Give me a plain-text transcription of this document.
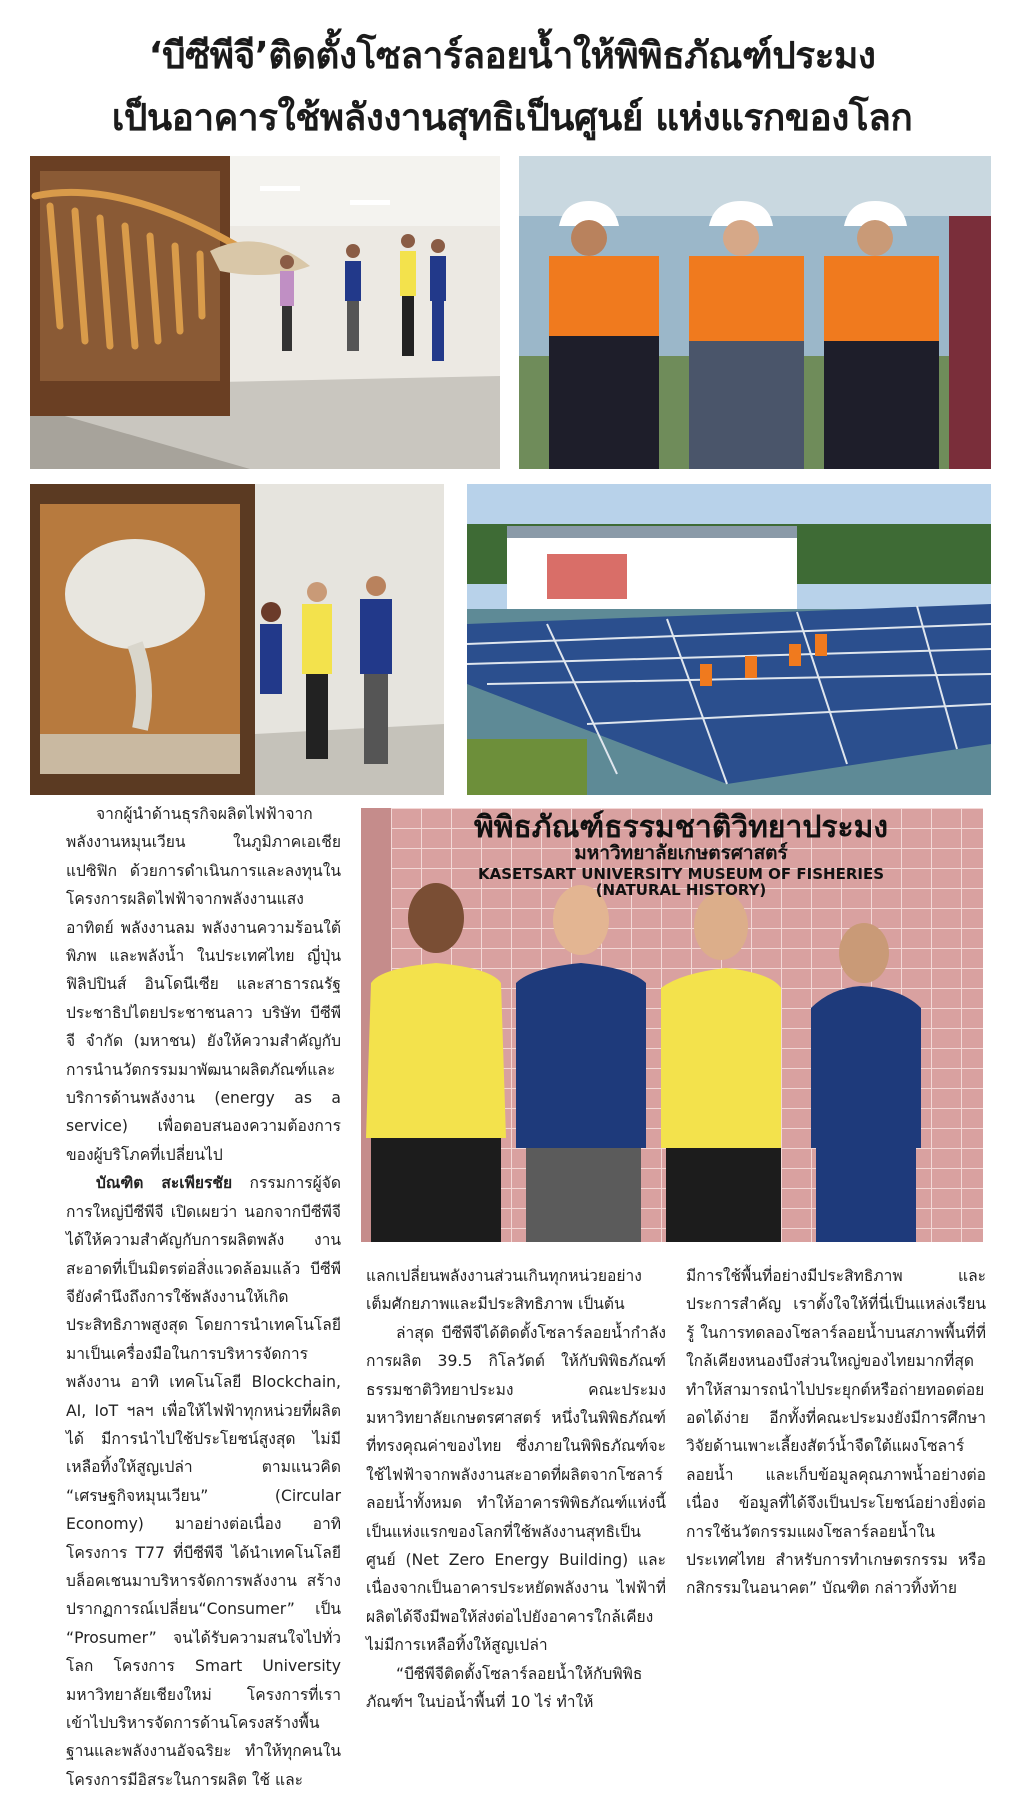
‘บีซีพีจี’ติดตั้งโซลาร์ลอยน้ำให้พิพิธภัณฑ์ประมง
เป็นอาคารใช้พลังงานสุทธิเป็นศูนย์ แห่งแรกของโลก
พิพิธภัณฑ์ธรรมชาติวิทยาประมง
มหาวิทยาลัยเกษตรศาสตร์
KASETSART UNIVERSITY MUSEUM OF FISHERIES
(NATURAL HISTORY)

จากผู้นำด้านธุรกิจผลิตไฟฟ้าจากพลังงานหมุนเวียน ในภูมิภาคเอเชียแปซิฟิก ด้วยการดำเนินการและลงทุนในโครงการผลิตไฟฟ้าจากพลังงานแสงอาทิตย์ พลังงานลม พลังงานความร้อนใต้พิภพ และพลังน้ำ ในประเทศไทย ญี่ปุ่น ฟิลิปปินส์ อินโดนีเซีย และสาธารณรัฐประชาธิปไตยประชาชนลาว บริษัท บีซีพีจี จำกัด (มหาชน) ยังให้ความสำคัญกับการนำนวัตกรรมมาพัฒนาผลิตภัณฑ์และบริการด้านพลังงาน (energy as a service) เพื่อตอบสนองความต้องการของผู้บริโภคที่เปลี่ยนไป

บัณฑิต สะเพียรชัย กรรมการผู้จัดการใหญ่บีซีพีจี เปิดเผยว่า นอกจากบีซีพีจีได้ให้ความสำคัญกับการผลิตพลัง งานสะอาดที่เป็นมิตรต่อสิ่งแวดล้อมแล้ว บีซีพีจียังคำนึงถึงการใช้พลังงานให้เกิดประสิทธิภาพสูงสุด โดยการนำเทคโนโลยีมาเป็นเครื่องมือในการบริหารจัดการพลังงาน อาทิ เทคโนโลยี Blockchain, AI, IoT ฯลฯ เพื่อให้ไฟฟ้าทุกหน่วยที่ผลิตได้ มีการนำไปใช้ประโยชน์สูงสุด ไม่มีเหลือทิ้งให้สูญเปล่า ตามแนวคิด “เศรษฐกิจหมุนเวียน” (Circular Economy) มาอย่างต่อเนื่อง อาทิ โครงการ T77 ที่บีซีพีจี ได้นำเทคโนโลยีบล็อคเชนมาบริหารจัดการพลังงาน สร้างปรากฏการณ์เปลี่ยน“Consumer” เป็น “Prosumer” จนได้รับความสนใจไปทั่วโลก โครงการ Smart University มหาวิทยาลัยเชียงใหม่ โครงการที่เราเข้าไปบริหารจัดการด้านโครงสร้างพื้นฐานและพลังงานอัจฉริยะ ทำให้ทุกคนในโครงการมีอิสระในการผลิต ใช้ และ

แลกเปลี่ยนพลังงานส่วนเกินทุกหน่วยอย่างเต็มศักยภาพและมีประสิทธิภาพ เป็นต้น

ล่าสุด บีซีพีจีได้ติดตั้งโซลาร์ลอยน้ำกำลังการผลิต 39.5 กิโลวัตต์ ให้กับพิพิธภัณฑ์ธรรมชาติวิทยาประมง คณะประมง มหาวิทยาลัยเกษตรศาสตร์ หนึ่งในพิพิธภัณฑ์ที่ทรงคุณค่าของไทย ซึ่งภายในพิพิธภัณฑ์จะใช้ไฟฟ้าจากพลังงานสะอาดที่ผลิตจากโซลาร์ลอยน้ำทั้งหมด ทำให้อาคารพิพิธภัณฑ์แห่งนี้ เป็นแห่งแรกของโลกที่ใช้พลังงานสุทธิเป็นศูนย์ (Net Zero Energy Building) และเนื่องจากเป็นอาคารประหยัดพลังงาน ไฟฟ้าที่ผลิตได้จึงมีพอให้ส่งต่อไปยังอาคารใกล้เคียง ไม่มีการเหลือทิ้งให้สูญเปล่า

“บีซีพีจีติดตั้งโซลาร์ลอยน้ำให้กับพิพิธภัณฑ์ฯ ในบ่อน้ำพื้นที่ 10 ไร่ ทำให้

มีการใช้พื้นที่อย่างมีประสิทธิภาพ และประการสำคัญ เราตั้งใจให้ที่นี่เป็นแหล่งเรียนรู้ ในการทดลองโซลาร์ลอยน้ำบนสภาพพื้นที่ที่ใกล้เคียงหนองบึงส่วนใหญ่ของไทยมากที่สุด ทำให้สามารถนำไปประยุกต์หรือถ่ายทอดต่อยอดได้ง่าย อีกทั้งที่คณะประมงยังมีการศึกษาวิจัยด้านเพาะเลี้ยงสัตว์น้ำจืดใต้แผงโซลาร์ลอยน้ำ และเก็บข้อมูลคุณภาพน้ำอย่างต่อเนื่อง ข้อมูลที่ได้จึงเป็นประโยชน์อย่างยิ่งต่อการใช้นวัตกรรมแผงโซลาร์ลอยน้ำในประเทศไทย สำหรับการทำเกษตรกรรม หรือกสิกรรมในอนาคต” บัณฑิต กล่าวทิ้งท้าย
